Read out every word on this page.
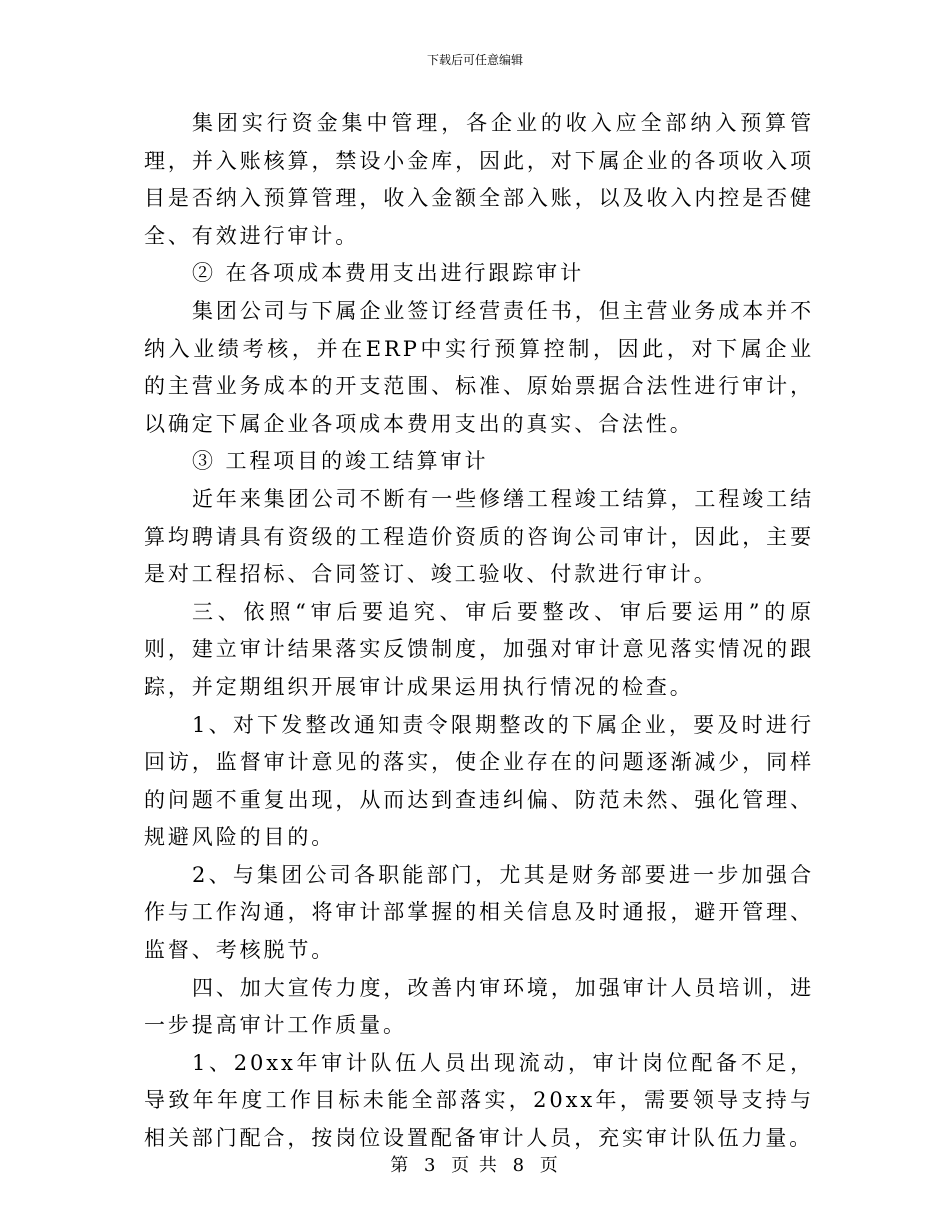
下载后可任意编辑

集团实行资金集中管理，各企业的收入应全部纳入预算管理，并入账核算，禁设小金库，因此，对下属企业的各项收入项目是否纳入预算管理，收入金额全部入账，以及收入内控是否健全、有效进行审计。

② 在各项成本费用支出进行跟踪审计

集团公司与下属企业签订经营责任书，但主营业务成本并不纳入业绩考核，并在ERP中实行预算控制，因此，对下属企业的主营业务成本的开支范围、标准、原始票据合法性进行审计，以确定下属企业各项成本费用支出的真实、合法性。

③ 工程项目的竣工结算审计

近年来集团公司不断有一些修缮工程竣工结算，工程竣工结算均聘请具有资级的工程造价资质的咨询公司审计，因此，主要是对工程招标、合同签订、竣工验收、付款进行审计。

三、依照“审后要追究、审后要整改、审后要运用”的原则，建立审计结果落实反馈制度，加强对审计意见落实情况的跟踪，并定期组织开展审计成果运用执行情况的检查。

1、对下发整改通知责令限期整改的下属企业，要及时进行回访，监督审计意见的落实，使企业存在的问题逐渐减少，同样的问题不重复出现，从而达到查违纠偏、防范未然、强化管理、规避风险的目的。

2、与集团公司各职能部门，尤其是财务部要进一步加强合作与工作沟通，将审计部掌握的相关信息及时通报，避开管理、监督、考核脱节。

四、加大宣传力度，改善内审环境，加强审计人员培训，进一步提高审计工作质量。

1、20xx年审计队伍人员出现流动，审计岗位配备不足，导致年年度工作目标未能全部落实，20xx年，需要领导支持与相关部门配合，按岗位设置配备审计人员，充实审计队伍力量。

第 3 页 共 8 页
